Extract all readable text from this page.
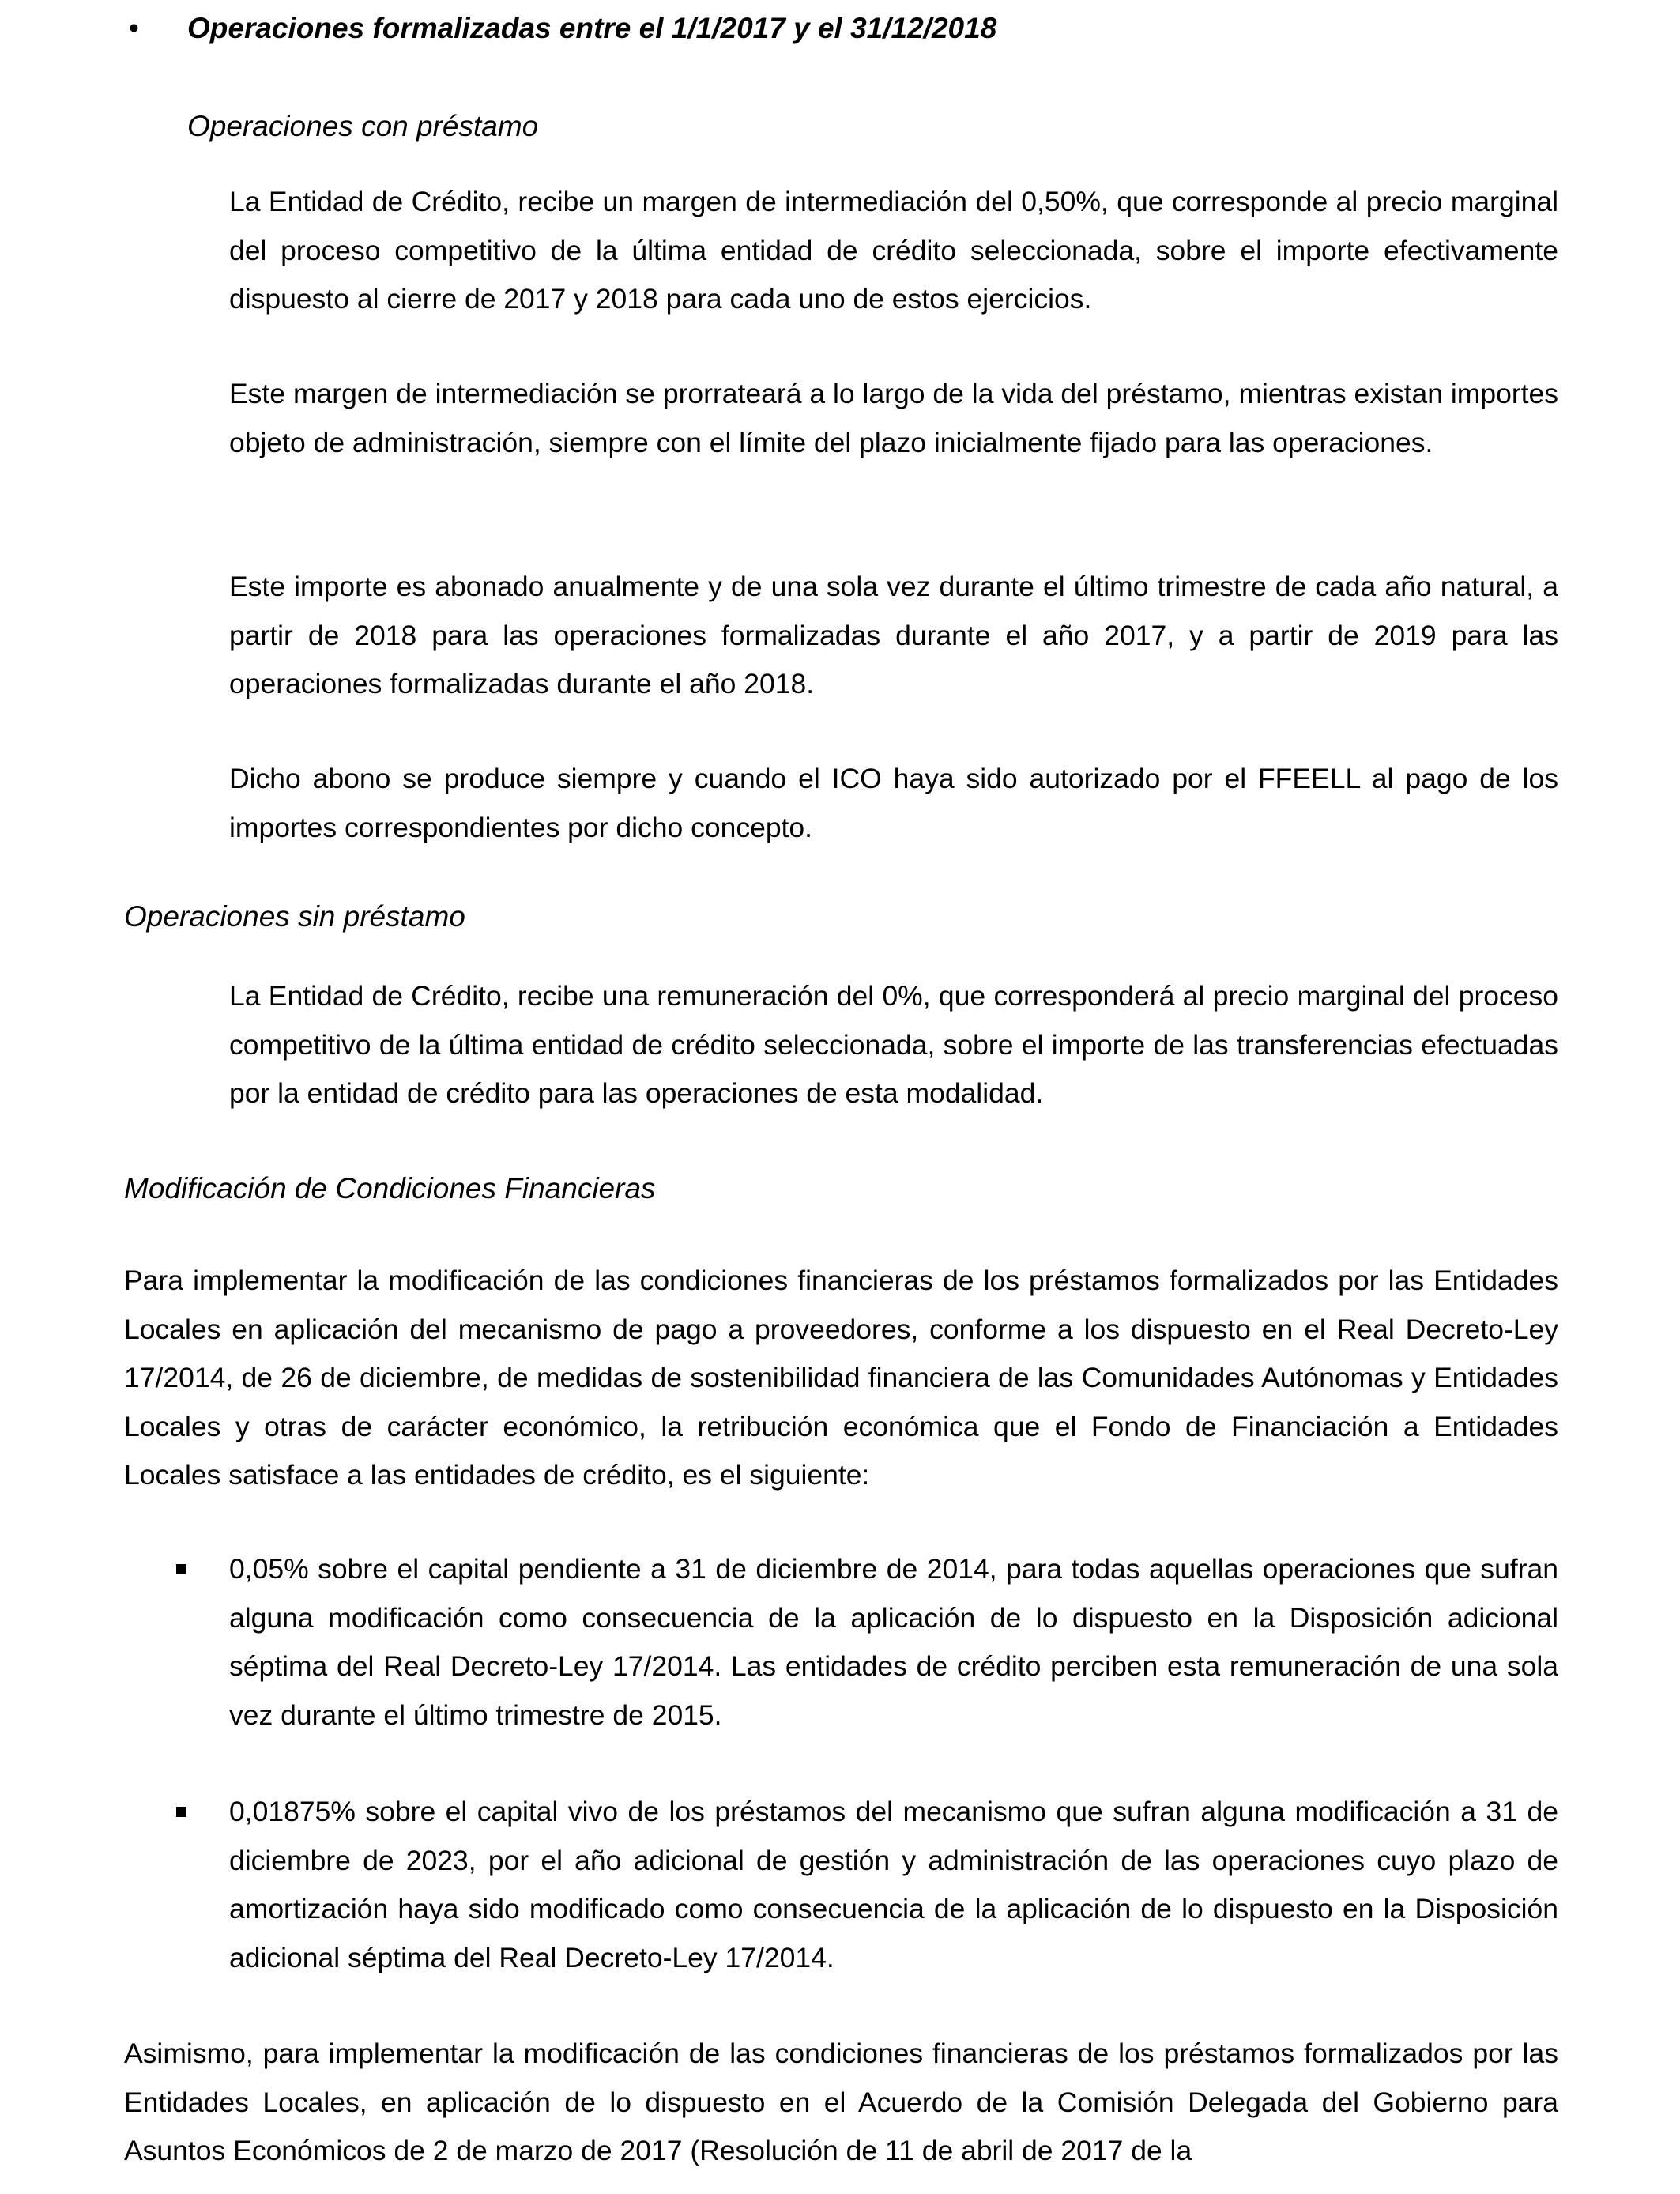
• Operaciones formalizadas entre el 1/1/2017 y el 31/12/2018
Operaciones con préstamo

La Entidad de Crédito, recibe un margen de intermediación del 0,50%, que corresponde al precio marginal del proceso competitivo de la última entidad de crédito seleccionada, sobre el importe efectivamente dispuesto al cierre de 2017 y 2018 para cada uno de estos ejercicios.

Este margen de intermediación se prorrateará a lo largo de la vida del préstamo, mientras existan importes objeto de administración, siempre con el límite del plazo inicialmente fijado para las operaciones.

Este importe es abonado anualmente y de una sola vez durante el último trimestre de cada año natural, a partir de 2018 para las operaciones formalizadas durante el año 2017, y a partir de 2019 para las operaciones formalizadas durante el año 2018.

Dicho abono se produce siempre y cuando el ICO haya sido autorizado por el FFEELL al pago de los importes correspondientes por dicho concepto.

Operaciones sin préstamo

La Entidad de Crédito, recibe una remuneración del 0%, que corresponderá al precio marginal del proceso competitivo de la última entidad de crédito seleccionada, sobre el importe de las transferencias efectuadas por la entidad de crédito para las operaciones de esta modalidad.

Modificación de Condiciones Financieras

Para implementar la modificación de las condiciones financieras de los préstamos formalizados por las Entidades Locales en aplicación del mecanismo de pago a proveedores, conforme a los dispuesto en el Real Decreto-Ley 17/2014, de 26 de diciembre, de medidas de sostenibilidad financiera de las Comunidades Autónomas y Entidades Locales y otras de carácter económico, la retribución económica que el Fondo de Financiación a Entidades Locales satisface a las entidades de crédito, es el siguiente:

0,05% sobre el capital pendiente a 31 de diciembre de 2014, para todas aquellas operaciones que sufran alguna modificación como consecuencia de la aplicación de lo dispuesto en la Disposición adicional séptima del Real Decreto-Ley 17/2014. Las entidades de crédito perciben esta remuneración de una sola vez durante el último trimestre de 2015.

0,01875% sobre el capital vivo de los préstamos del mecanismo que sufran alguna modificación a 31 de diciembre de 2023, por el año adicional de gestión y administración de las operaciones cuyo plazo de amortización haya sido modificado como consecuencia de la aplicación de lo dispuesto en la Disposición adicional séptima del Real Decreto-Ley 17/2014.

Asimismo, para implementar la modificación de las condiciones financieras de los préstamos formalizados por las Entidades Locales, en aplicación de lo dispuesto en el Acuerdo de la Comisión Delegada del Gobierno para Asuntos Económicos de 2 de marzo de 2017 (Resolución de 11 de abril de 2017 de la
